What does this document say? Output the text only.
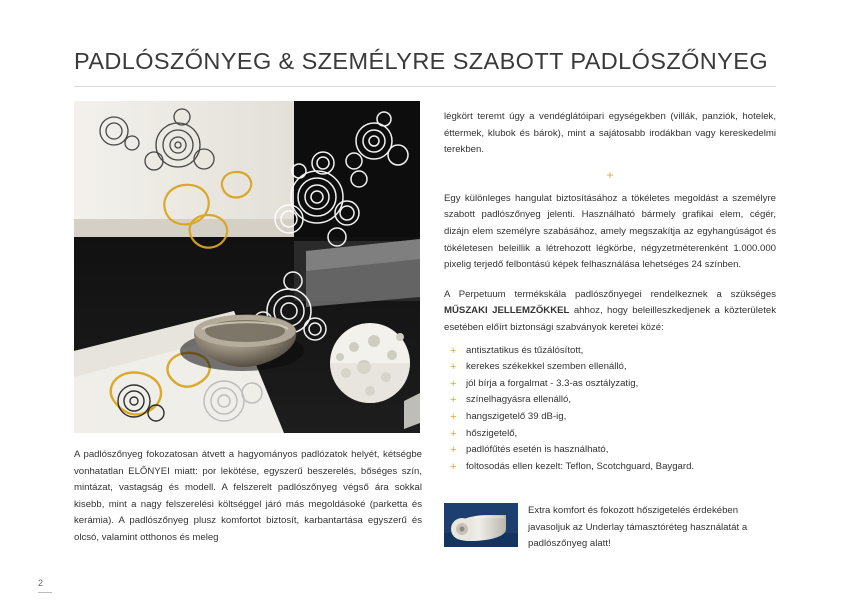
PADLÓSZŐNYEG & SZEMÉLYRE SZABOTT PADLÓSZŐNYEG
A padlószőnyeg fokozatosan átvett a hagyományos padlózatok helyét, kétségbe vonhatatlan ELŐNYEI miatt: por lekötése, egyszerű beszerelés, bőséges szín, mintázat, vastagság és modell. A felszerelt padlószőnyeg végső ára sokkal kisebb, mint a nagy felszerelési költséggel járó más megoldásoké (parketta és kerámia). A padlószőnyeg plusz komfortot biztosít, karbantartása egyszerű és olcsó, valamint otthonos és meleg

légkört teremt úgy a vendéglátóipari egységekben (villák, panziók, hotelek, éttermek, klubok és bárok), mint a sajátosabb irodákban vagy kereskedelmi terekben.

+

Egy különleges hangulat biztosításához a tökéletes megoldást a személyre szabott padlószőnyeg jelenti. Használható bármely grafikai elem, cégér, dizájn elem személyre szabásához, amely megszakítja az egyhangúságot és tökéletesen beleillik a létrehozott légkörbe, négyzetméterenként 1.000.000 pixelig terjedő felbontású képek felhasználása lehetséges 24 színben.

A Perpetuum termékskála padlószőnyegei rendelkeznek a szükséges MŰSZAKI JELLEMZŐKKEL ahhoz, hogy beleilleszkedjenek a közterületek esetében előírt biztonsági szabványok keretei közé:

+ antisztatikus és tűzálósított,
+ kerekes székekkel szemben ellenálló,
+ jól bírja a forgalmat - 3.3-as osztályzatig,
+ színelhagyásra ellenálló,
+ hangszigetelő 39 dB-ig,
+ hőszigetelő,
+ padlófűtés esetén is használható,
+ foltosodás ellen kezelt: Teflon, Scotchguard, Baygard.
Extra komfort és fokozott hőszigetelés érdekében javasoljuk az Underlay támasztóréteg használatát a padlószőnyeg alatt!
2
